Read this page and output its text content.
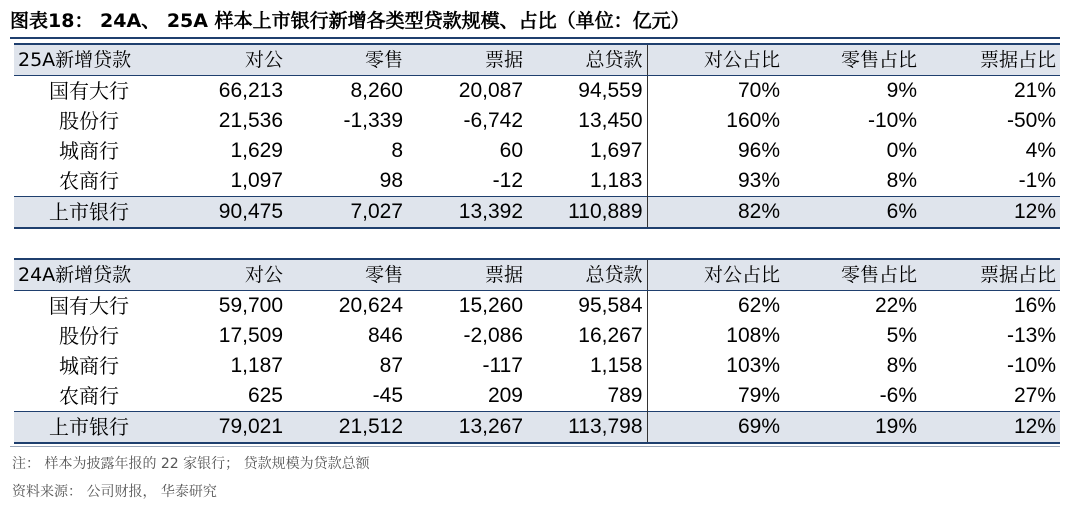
图表18： 24A、 25A 样本上市银行新增各类型贷款规模、占比（单位：亿元）
25A新增贷款	对公	零售	票据	总贷款	对公占比	零售占比	票据占比
国有大行	66,213	8,260	20,087	94,559	70%	9%	21%
股份行	21,536	-1,339	-6,742	13,450	160%	-10%	-50%
城商行	1,629	8	60	1,697	96%	0%	4%
农商行	1,097	98	-12	1,183	93%	8%	-1%
上市银行	90,475	7,027	13,392	110,889	82%	6%	12%
24A新增贷款	对公	零售	票据	总贷款	对公占比	零售占比	票据占比
国有大行	59,700	20,624	15,260	95,584	62%	22%	16%
股份行	17,509	846	-2,086	16,267	108%	5%	-13%
城商行	1,187	87	-117	1,158	103%	8%	-10%
农商行	625	-45	209	789	79%	-6%	27%
上市银行	79,021	21,512	13,267	113,798	69%	19%	12%
注： 样本为披露年报的 22 家银行； 贷款规模为贷款总额
资料来源： 公司财报， 华泰研究
